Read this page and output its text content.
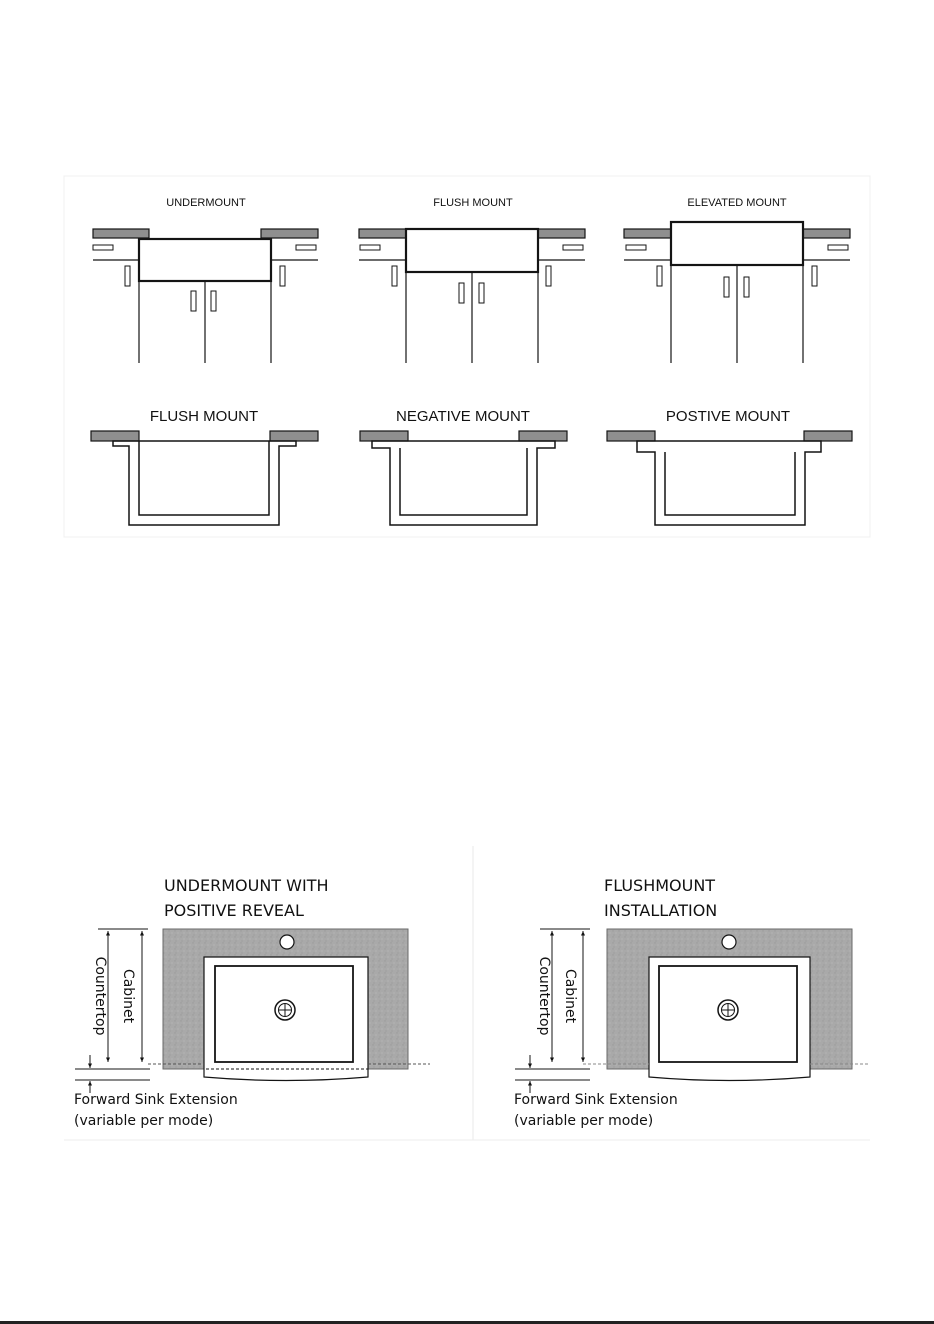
UNDERMOUNT	FLUSH MOUNT	ELEVATED MOUNT
FLUSH MOUNT	NEGATIVE MOUNT	POSTIVE MOUNT
UNDERMOUNT WITH
POSITIVE REVEAL
Countertop Cabinet
Forward Sink Extension
(variable per mode)
FLUSHMOUNT
INSTALLATION
Countertop Cabinet
Forward Sink Extension
(variable per mode)
